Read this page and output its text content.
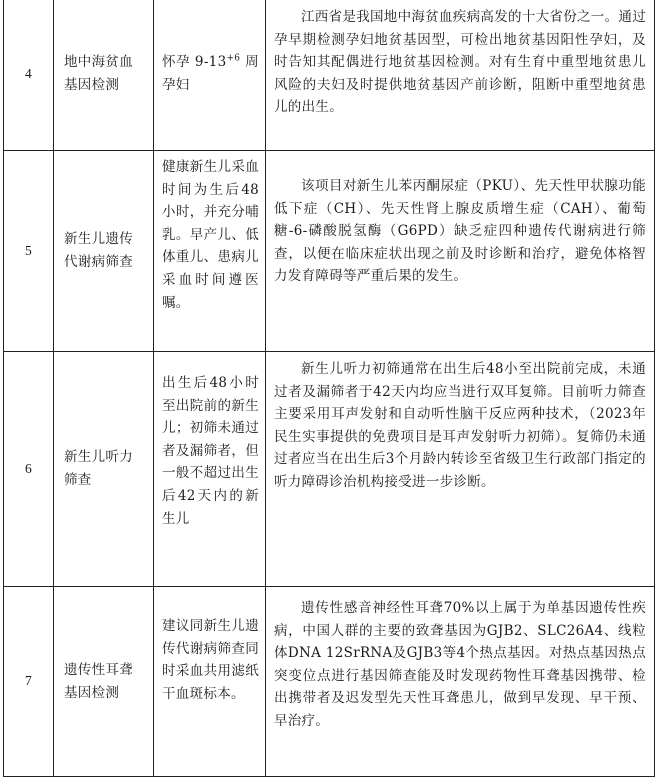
4	地中海贫血基因检测	怀孕 $9-13^{+6}$ 周孕妇	江西省是我国地中海贫血疾病高发的十大省份之一。通过孕早期检测孕妇地贫基因型，可检出地贫基因阳性孕妇，及时告知其配偶进行地贫基因检测。对有生育中重型地贫患儿风险的夫妇及时提供地贫基因产前诊断，阻断中重型地贫患儿的出生。
5	新生儿遗传代谢病筛查	健康新生儿采血时间为生后48小时，并充分哺乳。早产儿、低体重儿、患病儿采血时间遵医嘱。	该项目对新生儿苯丙酮尿症（PKU）、先天性甲状腺功能低下症（CH）、先天性肾上腺皮质增生症（CAH）、葡萄糖-6-磷酸脱氢酶（G6PD）缺乏症四种遗传代谢病进行筛查，以便在临床症状出现之前及时诊断和治疗，避免体格智力发育障碍等严重后果的发生。
6	新生儿听力筛查	出生后48小时至出院前的新生儿；初筛未通过者及漏筛者，但一般不超过出生后42天内的新生儿	新生儿听力初筛通常在出生后48小至出院前完成，未通过者及漏筛者于42天内均应当进行双耳复筛。目前听力筛查主要采用耳声发射和自动听性脑干反应两种技术，（2023年民生实事提供的免费项目是耳声发射听力初筛）。复筛仍未通过者应当在出生后3个月龄内转诊至省级卫生行政部门指定的听力障碍诊治机构接受进一步诊断。
7	遗传性耳聋基因检测	建议同新生儿遗传代谢病筛查同时采血共用滤纸干血斑标本。	遗传性感音神经性耳聋70%以上属于为单基因遗传性疾病，中国人群的主要的致聋基因为GJB2、SLC26A4、线粒体DNA 12SrRNA及GJB3等4个热点基因。对热点基因热点突变位点进行基因筛查能及时发现药物性耳聋基因携带、检出携带者及迟发型先天性耳聋患儿，做到早发现、早干预、早治疗。
